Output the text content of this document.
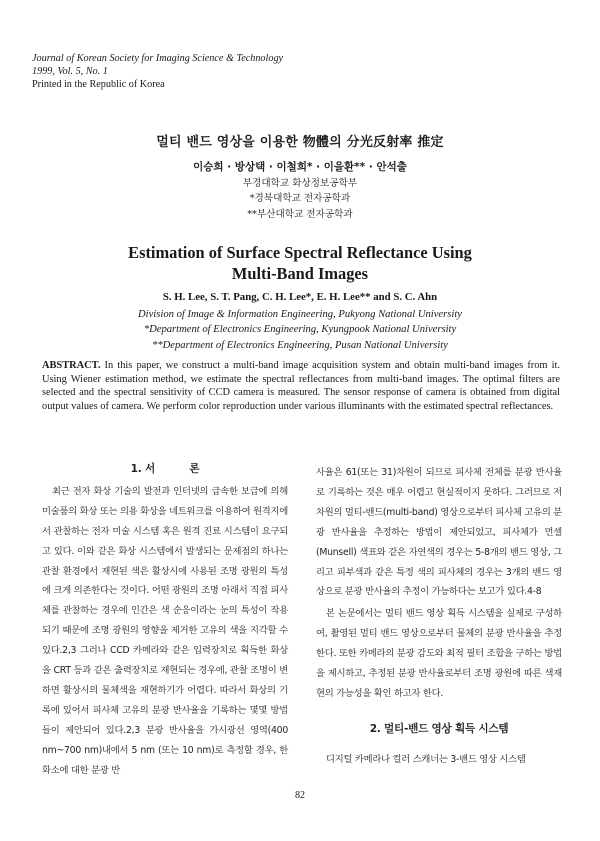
Journal of Korean Society for Imaging Science & Technology
1999, Vol. 5, No. 1
Printed in the Republic of Korea
멀티 밴드 영상을 이용한 物體의 分光反射率 推定
이승희 · 방상택 · 이철희* · 이을환** · 안석출
부경대학교 화상정보공학부
*경북대학교 전자공학과
**부산대학교 전자공학과
Estimation of Surface Spectral Reflectance Using
Multi-Band Images
S. H. Lee, S. T. Pang, C. H. Lee*, E. H. Lee** and S. C. Ahn
Division of Image & Information Engineering, Pukyong National University
*Department of Electronics Engineering, Kyungpook National University
**Department of Electronics Engineering, Pusan National University
ABSTRACT. In this paper, we construct a multi-band image acquisition system and obtain multi-band images from it. Using Wiener estimation method, we estimate the spectral reflectances from multi-band images. The optimal filters are selected and the spectral sensitivity of CCD camera is measured. The sensor response of camera is obtained from digital output values of camera. We perform color reproduction under various illuminants with the estimated spectral reflectances.
1. 서          론

최근 전자 화상 기술의 발전과 인터넷의 급속한 보급에 의해 미술품의 화상 또는 의용 화상을 네트워크를 이용하여 원격지에서 관찰하는 전자 미술 시스템 혹은 원격 진료 시스템이 요구되고 있다. 이와 같은 화상 시스템에서 발생되는 문제점의 하나는 관찰 환경에서 재현된 색은 활상시에 사용된 조명 광원의 특성에 크게 의존한다는 것이다. 어떤 광원의 조명 아래서 직접 피사체를 관찰하는 경우에 인간은 색 순응이라는 눈의 특성이 작용되기 때문에 조명 광원의 영향을 제거한 고유의 색을 지각할 수 있다.2,3 그러나 CCD 카메라와 같은 입력장치로 획득한 화상을 CRT 등과 같은 출력장치로 재현되는 경우에, 관찰 조명이 변하면 활상시의 물체색을 재현하기가 어렵다. 따라서 화상의 기록에 있어서 피사체 고유의 분광 반사율을 기록하는 몇몇 방법들이 제안되어 있다.2,3 분광 반사율을 가시광선 영역(400 nm~700 nm)내에서 5 nm (또는 10 nm)로 측정할 경우, 한 화소에 대한 분광 반

사율은 61(또는 31)차원이 되므로 피사체 전체를 분광 반사율로 기록하는 것은 매우 어렵고 현실적이지 못하다. 그러므로 저차원의 멀티-밴드(multi-band) 영상으로부터 피사체 고유의 분광 반사율을 추정하는 방법이 제안되었고, 피사체가 먼셀(Munsell) 색표와 같은 자연색의 경우는 5-8개의 밴드 영상, 그리고 피부색과 같은 특정 색의 피사체의 경우는 3개의 밴드 영상으로 분광 반사율의 추정이 가능하다는 보고가 있다.4-8

본 논문에서는 멀티 밴드 영상 획득 시스템을 실제로 구성하여, 촬영된 멀티 밴드 영상으로부터 물체의 분광 반사율을 추정한다. 또한 카메라의 분광 감도와 최적 필터 조합을 구하는 방법을 제시하고, 추정된 분광 반사율로부터 조명 광원에 따른 색재현의 가능성을 확인 하고자 한다.

2. 멀티-밴드 영상 획득 시스템

디지털 카메라나 컬러 스캐너는 3-밴드 영상 시스템

82
